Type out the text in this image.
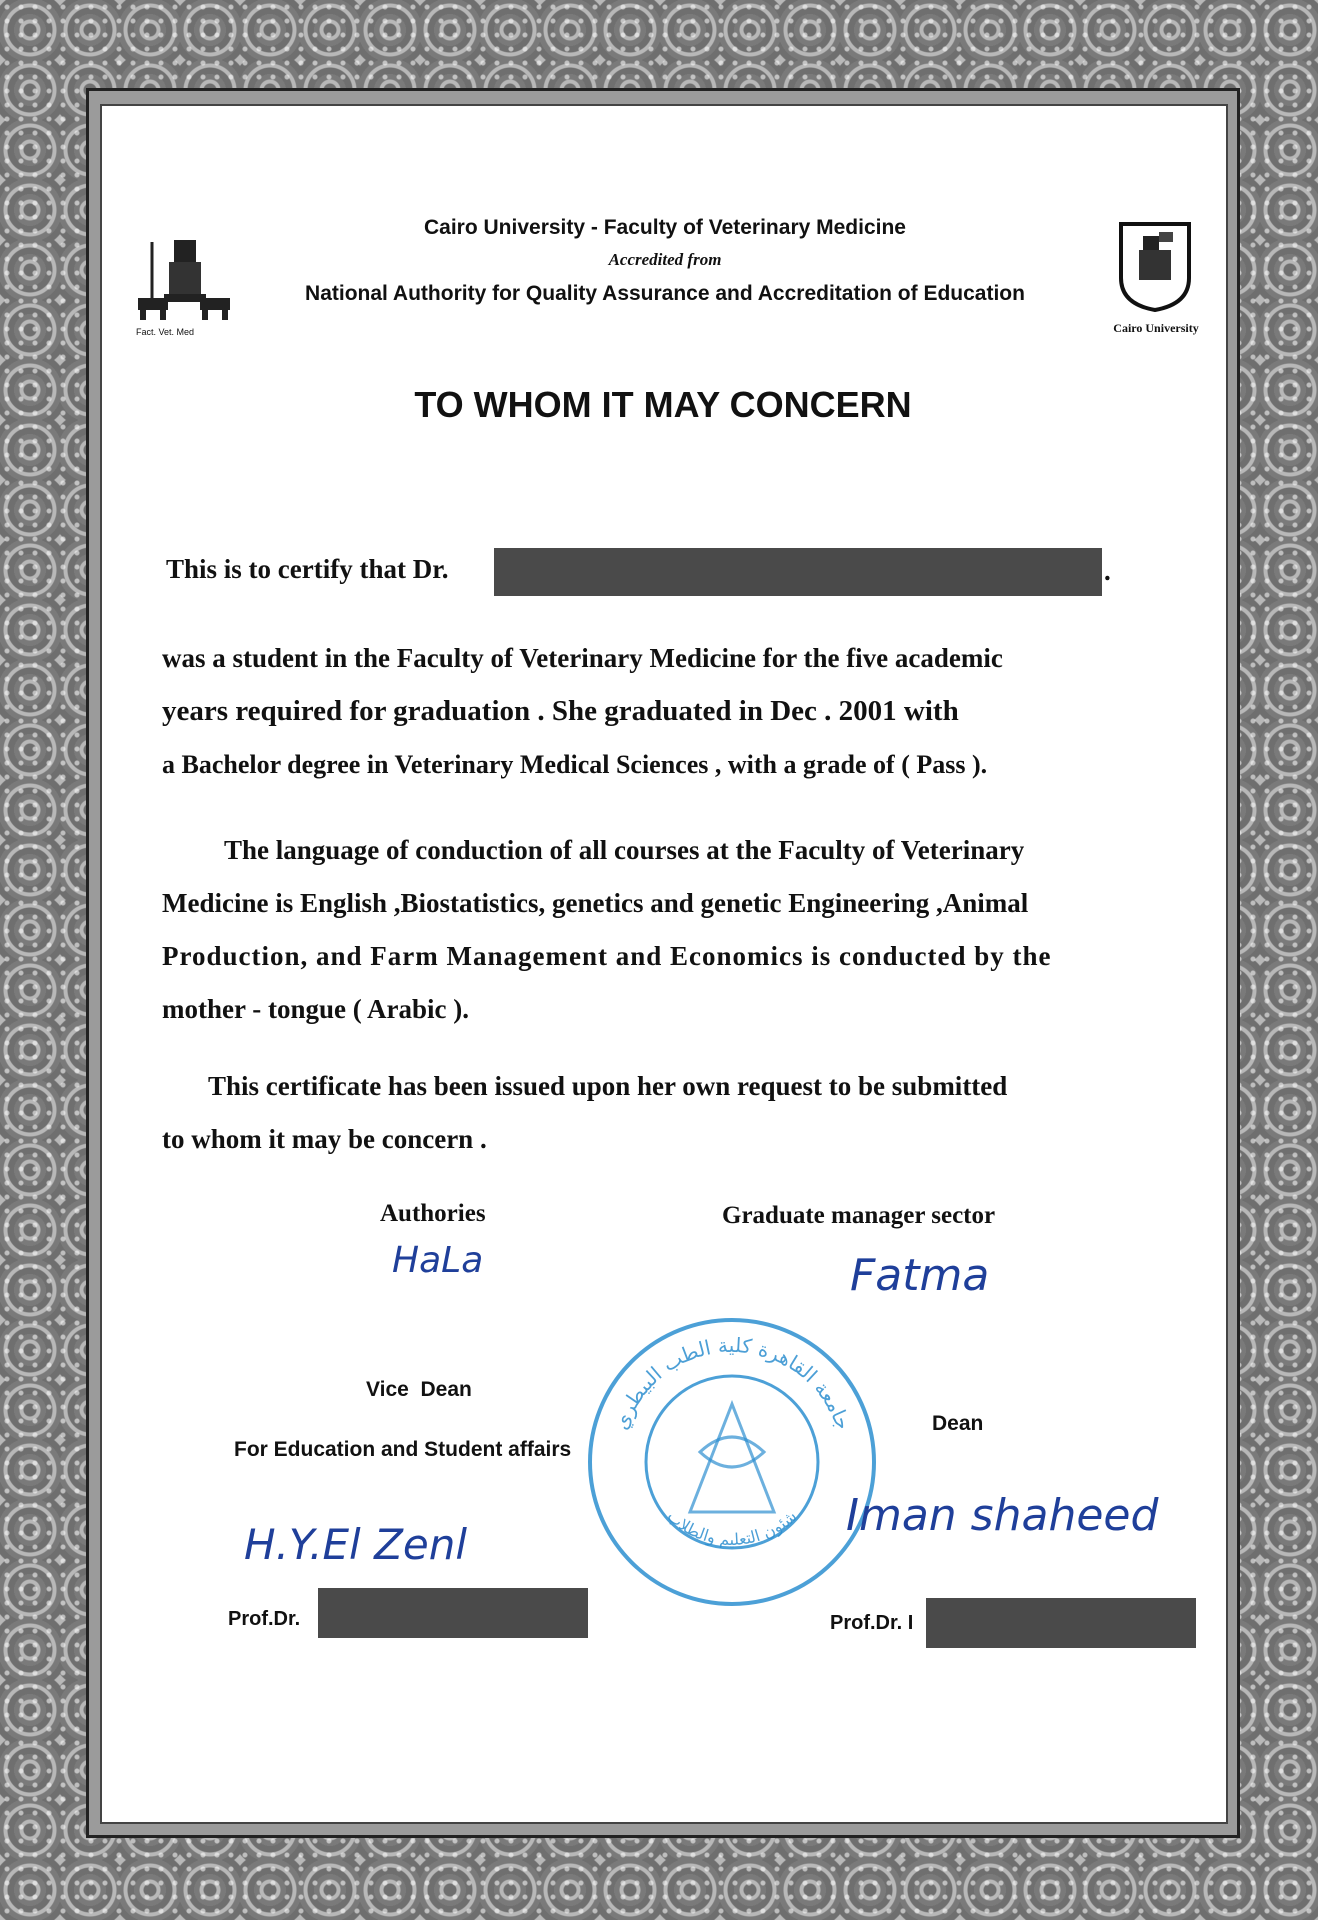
Fact. Vet. Med
Cairo University - Faculty of Veterinary Medicine
Accredited from
National Authority for Quality Assurance and Accreditation of Education
Cairo University
TO WHOM IT MAY CONCERN
This is to certify that Dr.	.
was a student in the Faculty of Veterinary Medicine for the five academic
years required for graduation . She graduated in Dec . 2001 with
a Bachelor degree in Veterinary Medical Sciences , with a grade of ( Pass ).
The language of conduction of all courses at the Faculty of Veterinary
Medicine is English ,Biostatistics, genetics and genetic Engineering ,Animal
Production, and Farm Management and Economics is conducted by the
mother - tongue ( Arabic ).
This certificate has been issued upon her own request to be submitted
to whom it may be concern .
Authories
HaLa
Graduate manager sector
Fatma
جامعة القاهرة كلية الطب البيطري
شئون التعليم والطلاب
Vice  Dean
For Education and Student affairs
H.Y.El Zenl
Prof.Dr.
Dean
Iman shaheed
Prof.Dr. I
